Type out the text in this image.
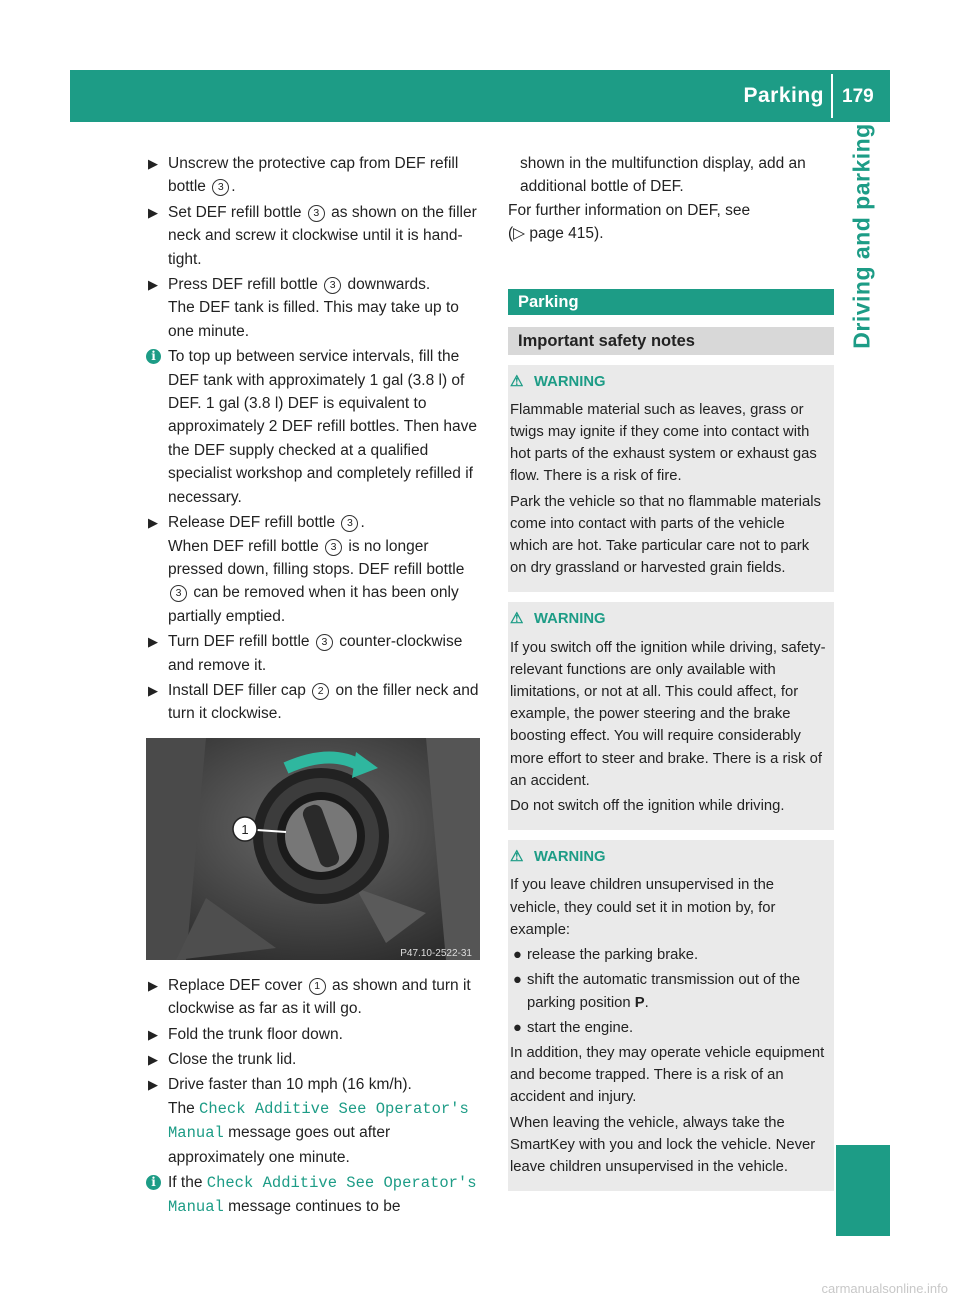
Parking 179
Driving and parking
▶ Unscrew the protective cap from DEF refill bottle 3 .
▶ Set DEF refill bottle 3 as shown on the filler neck and screw it clockwise until it is hand-tight.
▶ Press DEF refill bottle 3 downwards.
The DEF tank is filled. This may take up to one minute.
i To top up between service intervals, fill the DEF tank with approximately 1 gal (3.8 l) of DEF. 1 gal (3.8 l) DEF is equivalent to approximately 2 DEF refill bottles. Then have the DEF supply checked at a qualified specialist workshop and completely refilled if necessary.
▶ Release DEF refill bottle 3 .
When DEF refill bottle 3 is no longer pressed down, filling stops. DEF refill bottle 3 can be removed when it has been only partially emptied.
▶ Turn DEF refill bottle 3 counter-clockwise and remove it.
▶ Install DEF filler cap 2 on the filler neck and turn it clockwise.
1
P47.10-2522-31
▶ Replace DEF cover 1 as shown and turn it clockwise as far as it will go.
▶ Fold the trunk floor down.
▶ Close the trunk lid.
▶ Drive faster than 10 mph (16 km/h).
The Check Additive See Operator's Manual message goes out after approximately one minute.
i If the Check Additive See Operator's Manual message continues to be

shown in the multifunction display, add an additional bottle of DEF.

For further information on DEF, see
(▷ page 415).

Parking
Important safety notes

⚠ WARNING

Flammable material such as leaves, grass or twigs may ignite if they come into contact with hot parts of the exhaust system or exhaust gas flow. There is a risk of fire.

Park the vehicle so that no flammable materials come into contact with parts of the vehicle which are hot. Take particular care not to park on dry grassland or harvested grain fields.

⚠ WARNING

If you switch off the ignition while driving, safety-relevant functions are only available with limitations, or not at all. This could affect, for example, the power steering and the brake boosting effect. You will require considerably more effort to steer and brake. There is a risk of an accident.

Do not switch off the ignition while driving.

⚠ WARNING

If you leave children unsupervised in the vehicle, they could set it in motion by, for example:

● release the parking brake.
● shift the automatic transmission out of the parking position P.
● start the engine.

In addition, they may operate vehicle equipment and become trapped. There is a risk of an accident and injury.

When leaving the vehicle, always take the SmartKey with you and lock the vehicle. Never leave children unsupervised in the vehicle.

carmanualsonline.info
